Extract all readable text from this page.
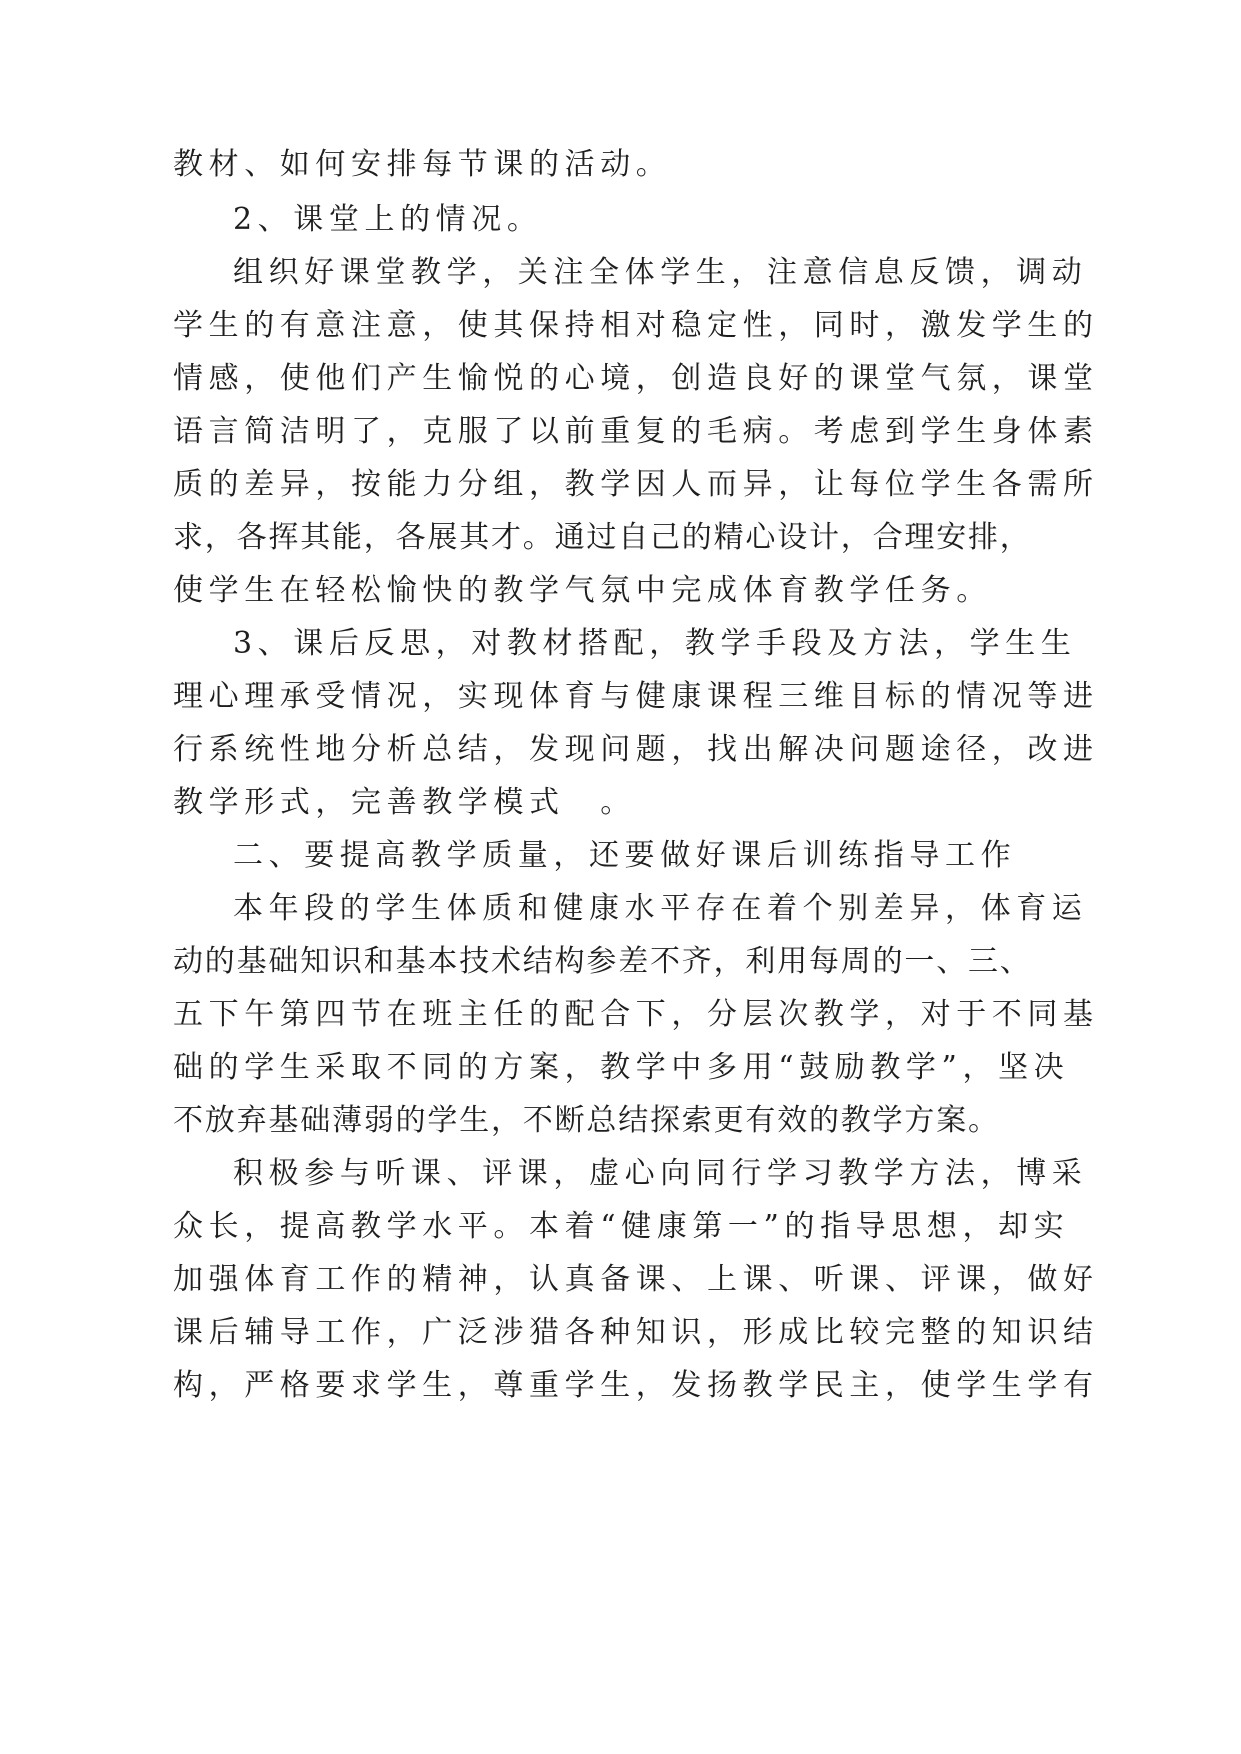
教材、如何安排每节课的活动。
2、课堂上的情况。
组织好课堂教学，关注全体学生，注意信息反馈，调动
学生的有意注意，使其保持相对稳定性，同时，激发学生的
情感，使他们产生愉悦的心境，创造良好的课堂气氛，课堂
语言简洁明了，克服了以前重复的毛病。考虑到学生身体素
质的差异，按能力分组，教学因人而异，让每位学生各需所
求，各挥其能，各展其才。通过自己的精心设计，合理安排，
使学生在轻松愉快的教学气氛中完成体育教学任务。
3、课后反思，对教材搭配，教学手段及方法，学生生
理心理承受情况，实现体育与健康课程三维目标的情况等进
行系统性地分析总结，发现问题，找出解决问题途径，改进
教学形式，完善教学模式　。
二、要提高教学质量，还要做好课后训练指导工作
本年段的学生体质和健康水平存在着个别差异，体育运
动的基础知识和基本技术结构参差不齐，利用每周的一、三、
五下午第四节在班主任的配合下，分层次教学，对于不同基
础的学生采取不同的方案，教学中多用“鼓励教学”，坚决
不放弃基础薄弱的学生，不断总结探索更有效的教学方案。
积极参与听课、评课，虚心向同行学习教学方法，博采
众长，提高教学水平。本着“健康第一”的指导思想，却实
加强体育工作的精神，认真备课、上课、听课、评课，做好
课后辅导工作，广泛涉猎各种知识，形成比较完整的知识结
构，严格要求学生，尊重学生，发扬教学民主，使学生学有
